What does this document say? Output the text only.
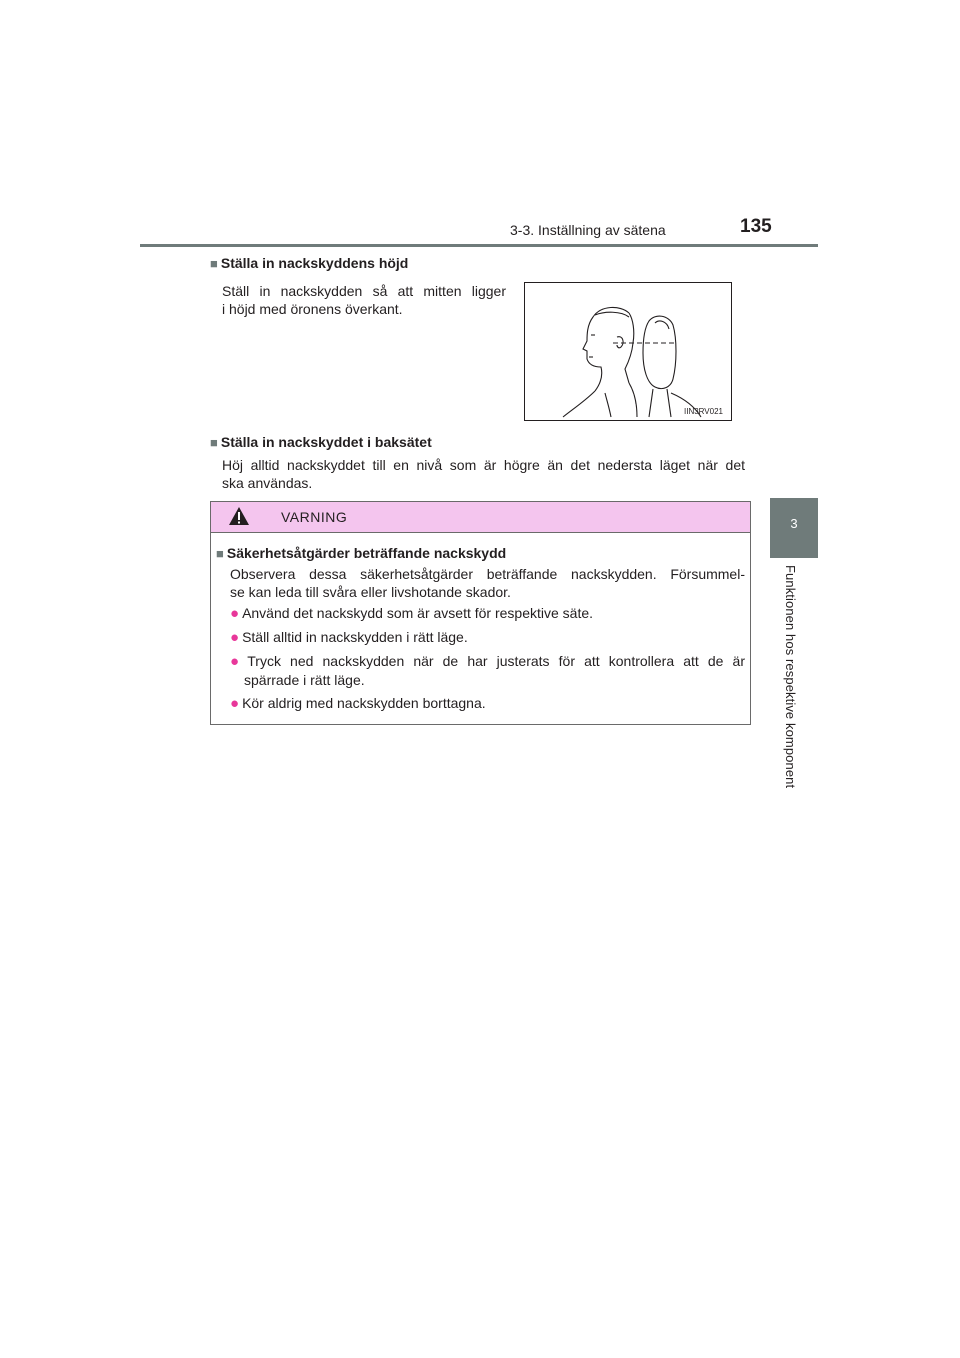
3-3. Inställning av sätena	135
3
Funktionen hos respektive komponent
■ Ställa in nackskyddens höjd
Ställ in nackskydden så att mitten ligger
i höjd med öronens överkant.
IIN3RV021
■ Ställa in nackskyddet i baksätet
Höj alltid nackskyddet till en nivå som är högre än det nedersta läget när det
ska användas.
VARNING
■ Säkerhetsåtgärder beträffande nackskydd
Observera dessa säkerhetsåtgärder beträffande nackskydden. Försummel-
se kan leda till svåra eller livshotande skador.
● Använd det nackskydd som är avsett för respektive säte.
● Ställ alltid in nackskydden i rätt läge.
● Tryck ned nackskydden när de har justerats för att kontrollera att de är
spärrade i rätt läge.
● Kör aldrig med nackskydden borttagna.
